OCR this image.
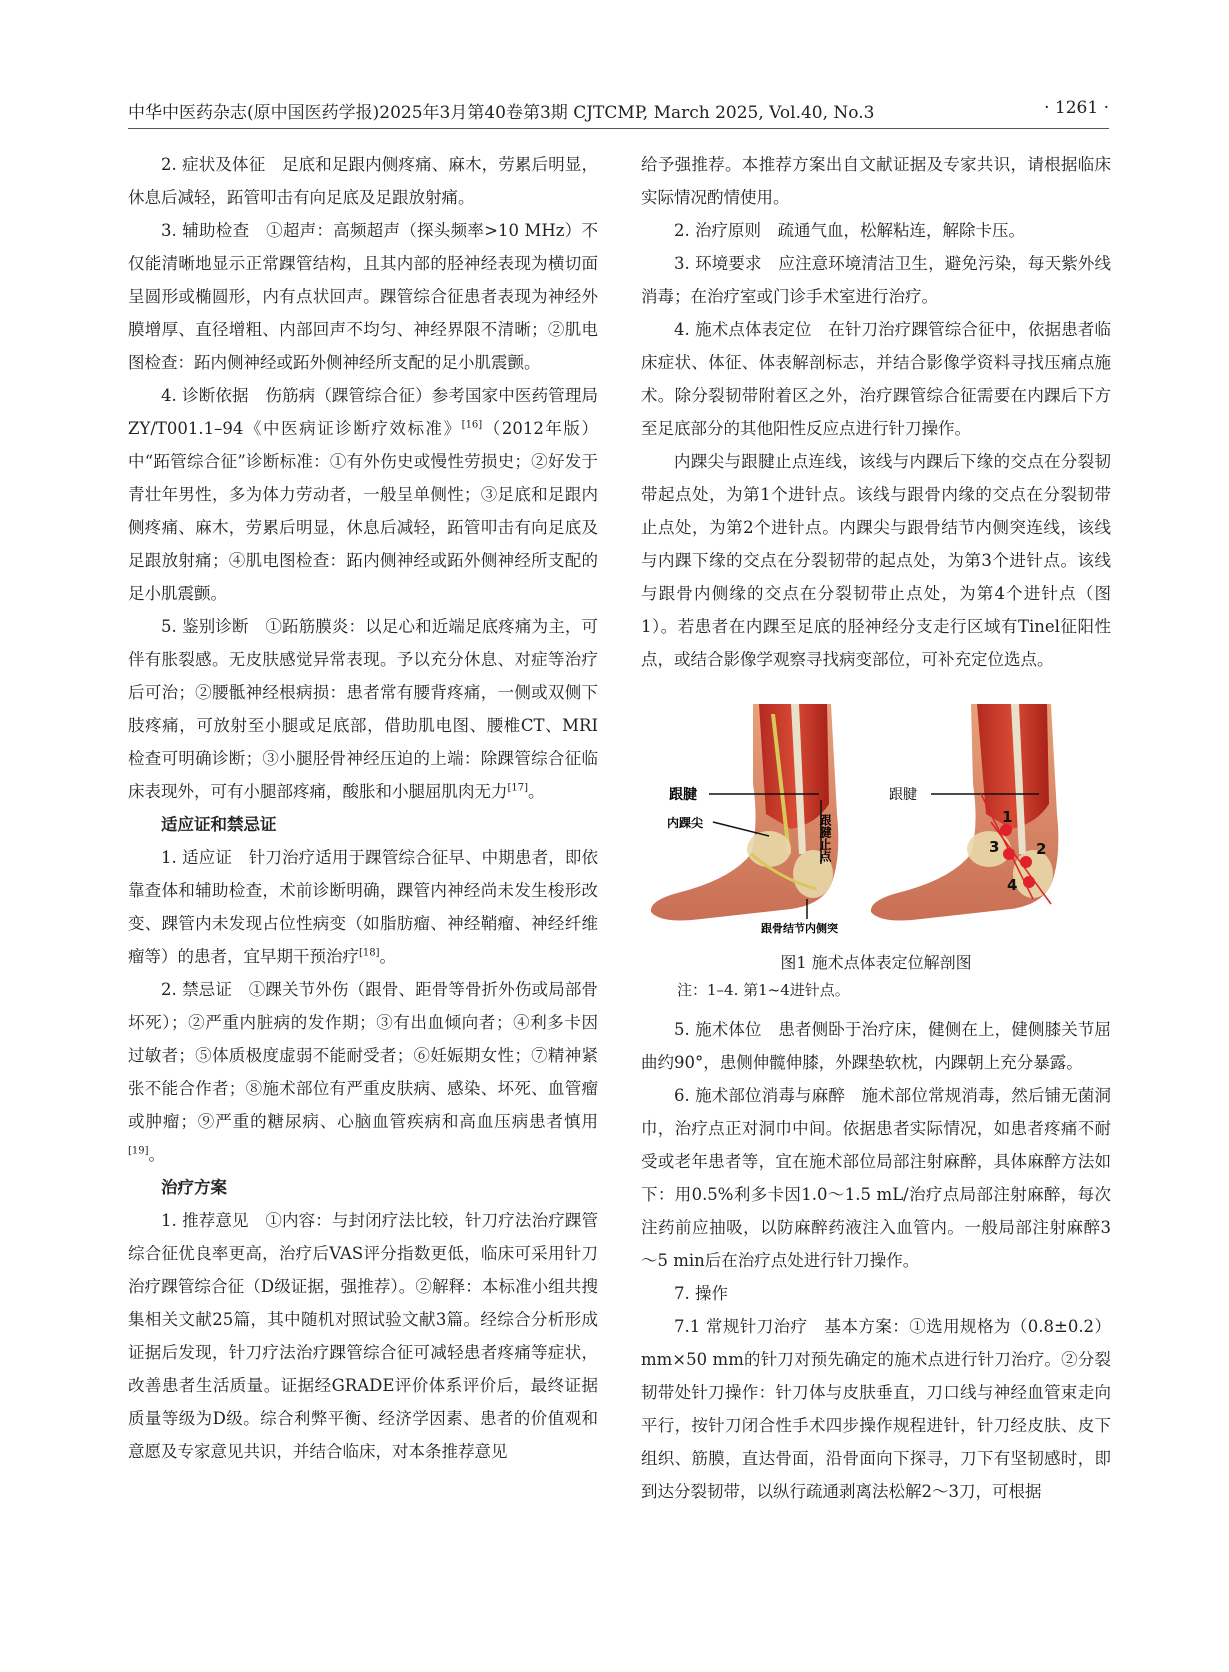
中华中医药杂志(原中国医药学报)2025年3月第40卷第3期 CJTCMP, March 2025, Vol.40, No.3	· 1261 ·

2. 症状及体征　足底和足跟内侧疼痛、麻木，劳累后明显，休息后减轻，跖管叩击有向足底及足跟放射痛。

3. 辅助检查　①超声：高频超声（探头频率>10 MHz）不仅能清晰地显示正常踝管结构，且其内部的胫神经表现为横切面呈圆形或椭圆形，内有点状回声。踝管综合征患者表现为神经外膜增厚、直径增粗、内部回声不均匀、神经界限不清晰；②肌电图检查：跖内侧神经或跖外侧神经所支配的足小肌震颤。

4. 诊断依据　伤筋病（踝管综合征）参考国家中医药管理局ZY/T001.1–94《中医病证诊断疗效标准》[16]（2012年版）中“跖管综合征”诊断标准：①有外伤史或慢性劳损史；②好发于青壮年男性，多为体力劳动者，一般呈单侧性；③足底和足跟内侧疼痛、麻木，劳累后明显，休息后减轻，跖管叩击有向足底及足跟放射痛；④肌电图检查：跖内侧神经或跖外侧神经所支配的足小肌震颤。

5. 鉴别诊断　①跖筋膜炎：以足心和近端足底疼痛为主，可伴有胀裂感。无皮肤感觉异常表现。予以充分休息、对症等治疗后可治；②腰骶神经根病损：患者常有腰背疼痛，一侧或双侧下肢疼痛，可放射至小腿或足底部，借助肌电图、腰椎CT、MRI检查可明确诊断；③小腿胫骨神经压迫的上端：除踝管综合征临床表现外，可有小腿部疼痛，酸胀和小腿屈肌肉无力[17]。

适应证和禁忌证

1. 适应证　针刀治疗适用于踝管综合征早、中期患者，即依靠查体和辅助检查，术前诊断明确，踝管内神经尚未发生梭形改变、踝管内未发现占位性病变（如脂肪瘤、神经鞘瘤、神经纤维瘤等）的患者，宜早期干预治疗[18]。

2. 禁忌证　①踝关节外伤（跟骨、距骨等骨折外伤或局部骨坏死）；②严重内脏病的发作期；③有出血倾向者；④利多卡因过敏者；⑤体质极度虚弱不能耐受者；⑥妊娠期女性；⑦精神紧张不能合作者；⑧施术部位有严重皮肤病、感染、坏死、血管瘤或肿瘤；⑨严重的糖尿病、心脑血管疾病和高血压病患者慎用[19]。

治疗方案

1. 推荐意见　①内容：与封闭疗法比较，针刀疗法治疗踝管综合征优良率更高，治疗后VAS评分指数更低，临床可采用针刀治疗踝管综合征（D级证据，强推荐）。②解释：本标准小组共搜集相关文献25篇，其中随机对照试验文献3篇。经综合分析形成证据后发现，针刀疗法治疗踝管综合征可减轻患者疼痛等症状，改善患者生活质量。证据经GRADE评价体系评价后，最终证据质量等级为D级。综合利弊平衡、经济学因素、患者的价值观和意愿及专家意见共识，并结合临床，对本条推荐意见

给予强推荐。本推荐方案出自文献证据及专家共识，请根据临床实际情况酌情使用。

2. 治疗原则　疏通气血，松解粘连，解除卡压。

3. 环境要求　应注意环境清洁卫生，避免污染，每天紫外线消毒；在治疗室或门诊手术室进行治疗。

4. 施术点体表定位　在针刀治疗踝管综合征中，依据患者临床症状、体征、体表解剖标志，并结合影像学资料寻找压痛点施术。除分裂韧带附着区之外，治疗踝管综合征需要在内踝后下方至足底部分的其他阳性反应点进行针刀操作。

内踝尖与跟腱止点连线，该线与内踝后下缘的交点在分裂韧带起点处，为第1个进针点。该线与跟骨内缘的交点在分裂韧带止点处，为第2个进针点。内踝尖与跟骨结节内侧突连线，该线与内踝下缘的交点在分裂韧带的起点处，为第3个进针点。该线与跟骨内侧缘的交点在分裂韧带止点处，为第4个进针点（图1）。若患者在内踝至足底的胫神经分支走行区域有Tinel征阳性点，或结合影像学观察寻找病变部位，可补充定位选点。

跟腱
内踝尖	跟腱止点
跟骨结节内侧突
跟腱
1
2
3
4
图1 施术点体表定位解剖图
注：1–4. 第1~4进针点。

5. 施术体位　患者侧卧于治疗床，健侧在上，健侧膝关节屈曲约90°，患侧伸髋伸膝，外踝垫软枕，内踝朝上充分暴露。

6. 施术部位消毒与麻醉　施术部位常规消毒，然后铺无菌洞巾，治疗点正对洞巾中间。依据患者实际情况，如患者疼痛不耐受或老年患者等，宜在施术部位局部注射麻醉，具体麻醉方法如下：用0.5%利多卡因1.0～1.5 mL/治疗点局部注射麻醉，每次注药前应抽吸，以防麻醉药液注入血管内。一般局部注射麻醉3～5 min后在治疗点处进行针刀操作。

7. 操作

7.1 常规针刀治疗　基本方案：①选用规格为（0.8±0.2）mm×50 mm的针刀对预先确定的施术点进行针刀治疗。②分裂韧带处针刀操作：针刀体与皮肤垂直，刀口线与神经血管束走向平行，按针刀闭合性手术四步操作规程进针，针刀经皮肤、皮下组织、筋膜，直达骨面，沿骨面向下探寻，刀下有坚韧感时，即到达分裂韧带，以纵行疏通剥离法松解2～3刀，可根据
